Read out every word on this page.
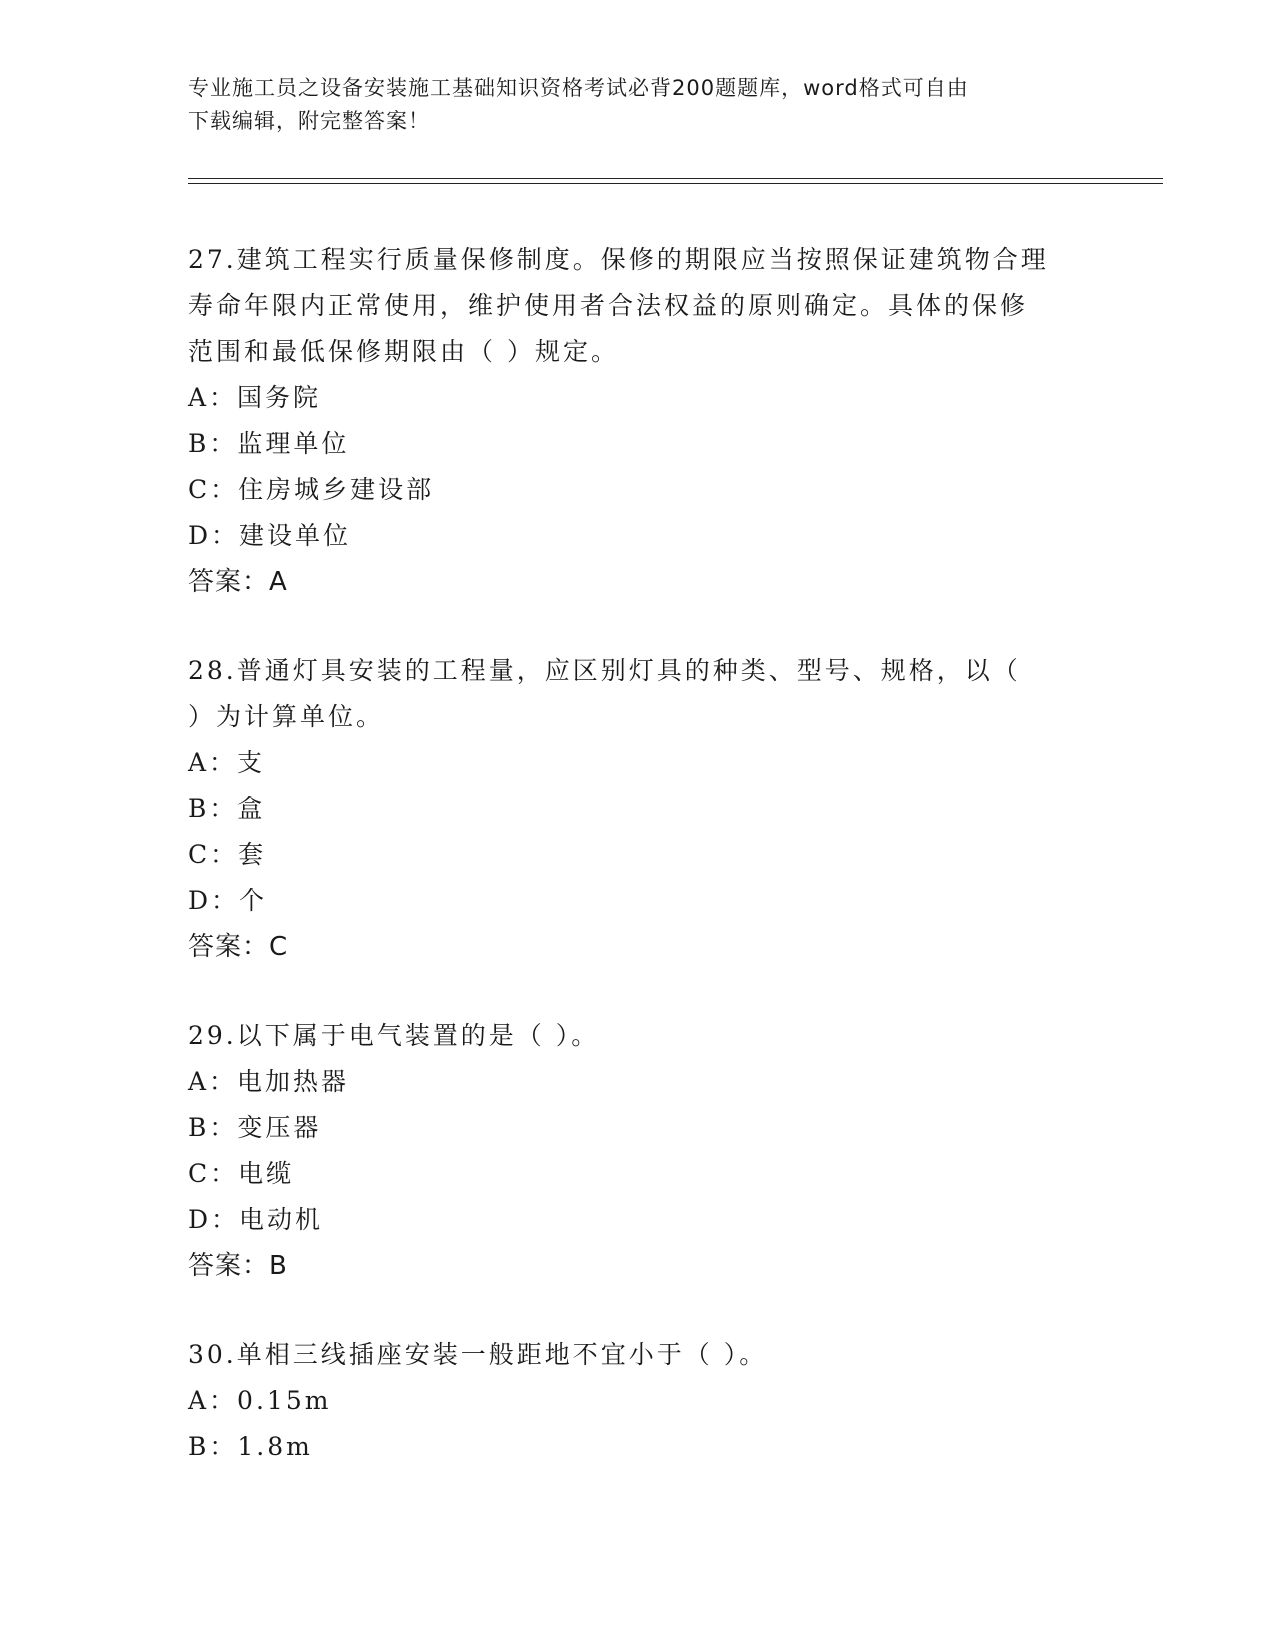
专业施工员之设备安装施工基础知识资格考试必背200题题库，word格式可自由
下载编辑，附完整答案！

27.建筑工程实行质量保修制度。保修的期限应当按照保证建筑物合理

寿命年限内正常使用，维护使用者合法权益的原则确定。具体的保修

范围和最低保修期限由（ ）规定。

A：国务院

B：监理单位

C：住房城乡建设部

D：建设单位

答案：A

28.普通灯具安装的工程量，应区别灯具的种类、型号、规格，以（

）为计算单位。

A：支

B：盒

C：套

D：个

答案：C

29.以下属于电气装置的是（ ）。

A：电加热器

B：变压器

C：电缆

D：电动机

答案：B

30.单相三线插座安装一般距地不宜小于（ ）。

A：0.15m

B：1.8m
